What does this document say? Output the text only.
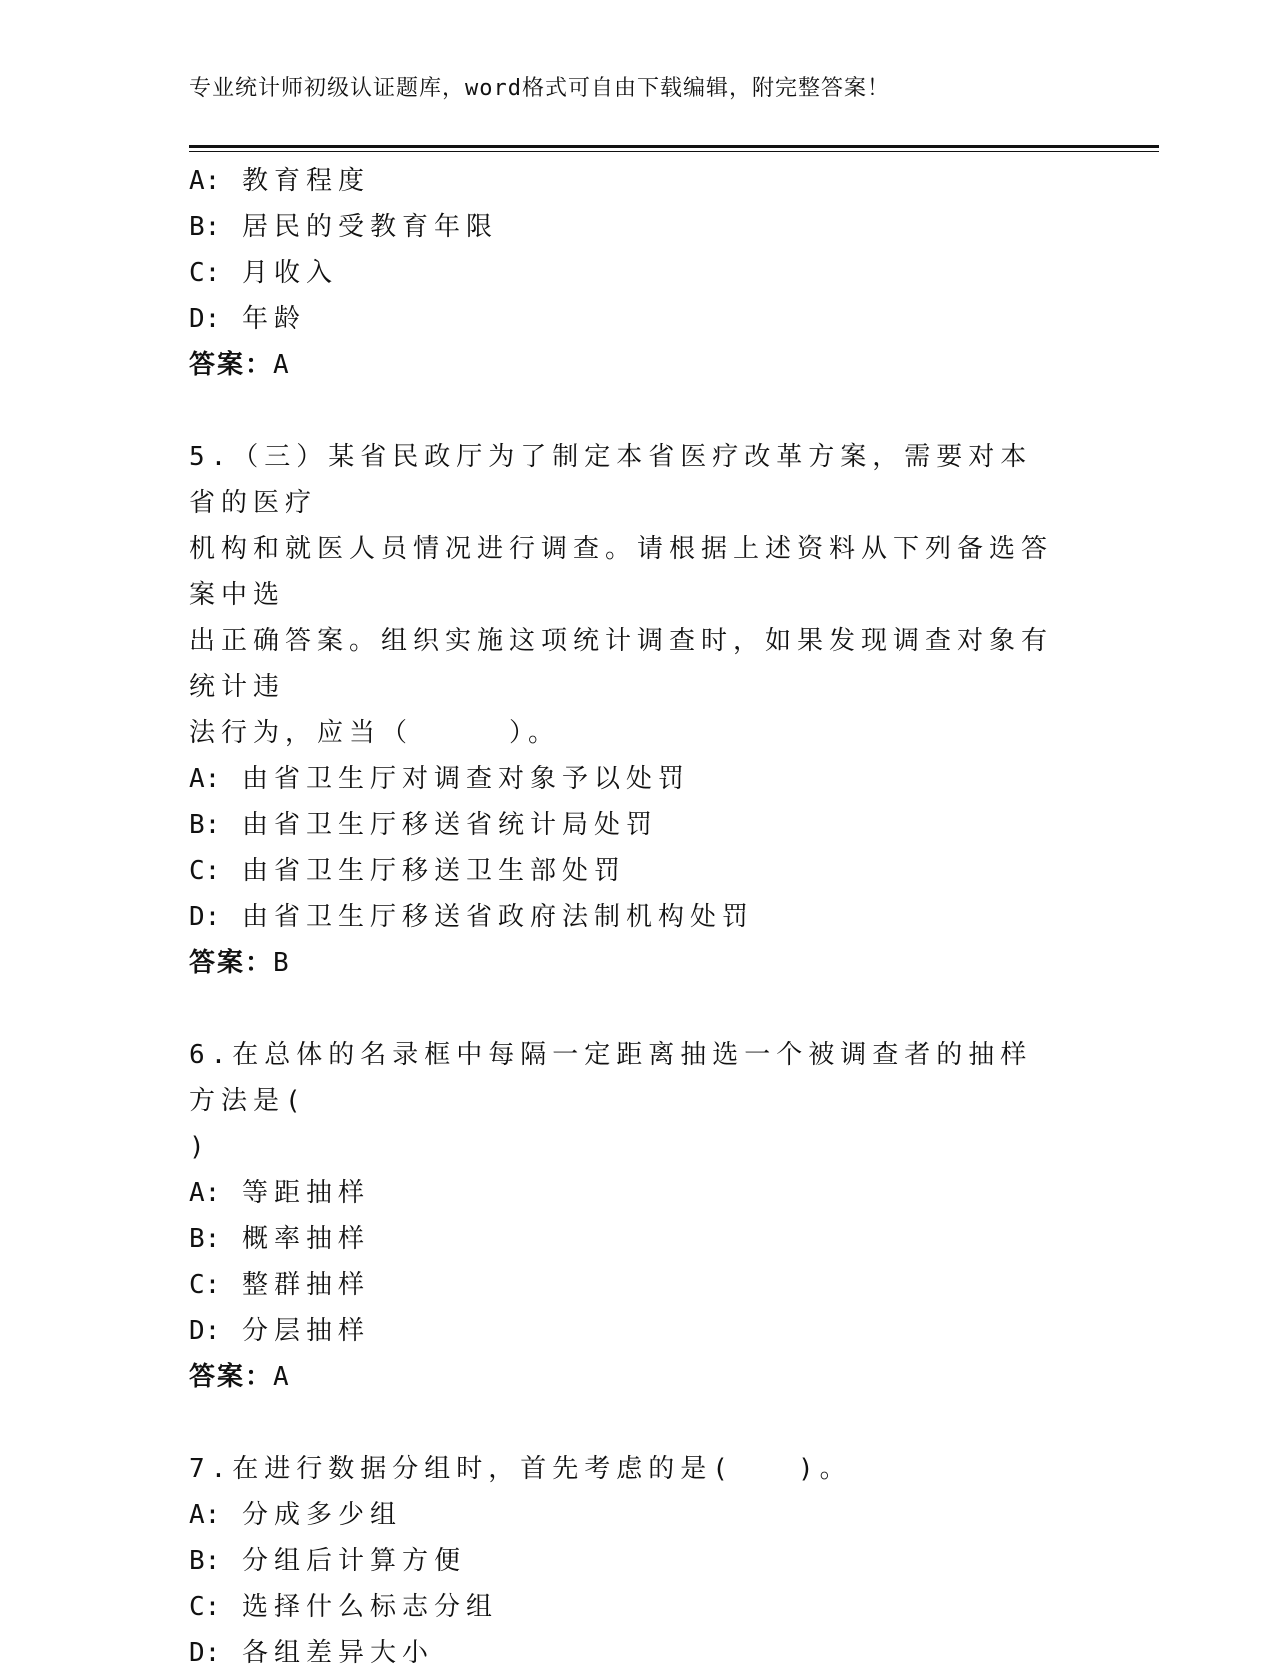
专业统计师初级认证题库，word格式可自由下载编辑，附完整答案！
A: 教育程度
B: 居民的受教育年限
C: 月收入
D: 年龄
答案：A
5.（三）某省民政厅为了制定本省医疗改革方案，需要对本省的医疗
机构和就医人员情况进行调查。请根据上述资料从下列备选答案中选
出正确答案。组织实施这项统计调查时，如果发现调查对象有统计违
法行为，应当（　　　）。
A: 由省卫生厅对调查对象予以处罚
B: 由省卫生厅移送省统计局处罚
C: 由省卫生厅移送卫生部处罚
D: 由省卫生厅移送省政府法制机构处罚
答案：B
6.在总体的名录框中每隔一定距离抽选一个被调查者的抽样方法是(
)
A: 等距抽样
B: 概率抽样
C: 整群抽样
D: 分层抽样
答案：A
7.在进行数据分组时，首先考虑的是(　　)。
A: 分成多少组
B: 分组后计算方便
C: 选择什么标志分组
D: 各组差异大小
